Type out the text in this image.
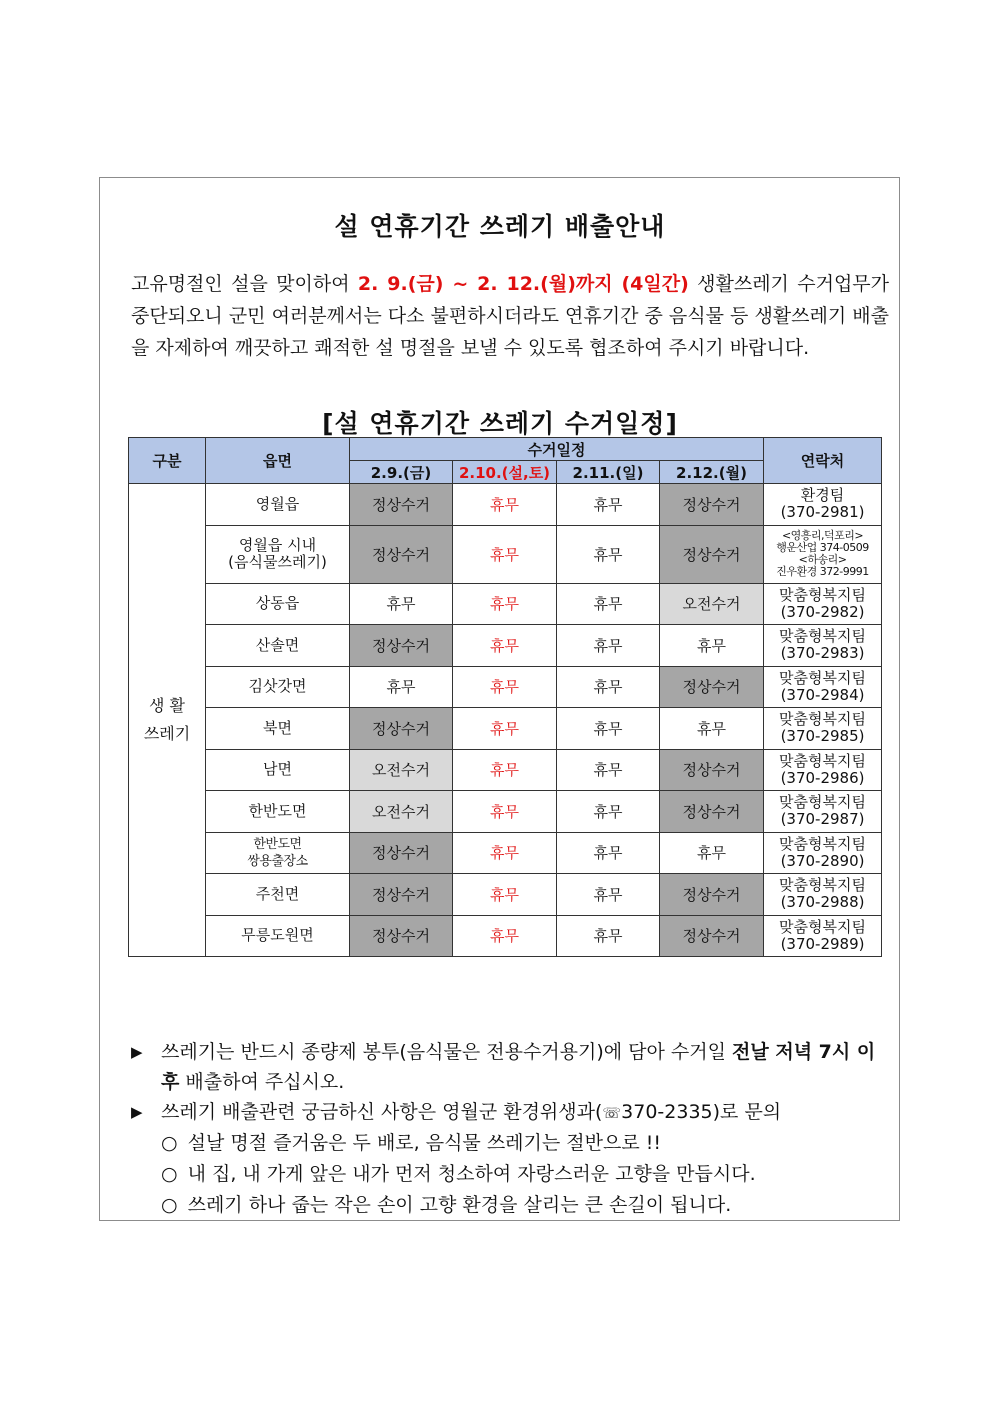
설 연휴기간 쓰레기 배출안내
고유명절인 설을 맞이하여 2. 9.(금) ~ 2. 12.(월)까지 (4일간) 생활쓰레기 수거업무가 중단되오니 군민 여러분께서는 다소 불편하시더라도 연휴기간 중 음식물 등 생활쓰레기 배출을 자제하여 깨끗하고 쾌적한 설 명절을 보낼 수 있도록 협조하여 주시기 바랍니다.
[설 연휴기간 쓰레기 수거일정]
구분	읍면	수거일정				연락처
		2.9.(금)	2.10.(설,토)	2.11.(일)	2.12.(월)	
생 활
쓰레기	영월읍	정상수거	휴무	휴무	정상수거	환경팀
(370-2981)
	영월읍 시내
(음식물쓰레기)	정상수거	휴무	휴무	정상수거	<영흥리,덕포리>
행운산업 374-0509
<하송리>
진우환경 372-9991
	상동읍	휴무	휴무	휴무	오전수거	맞춤형복지팀
(370-2982)
	산솔면	정상수거	휴무	휴무	휴무	맞춤형복지팀
(370-2983)
	김삿갓면	휴무	휴무	휴무	정상수거	맞춤형복지팀
(370-2984)
	북면	정상수거	휴무	휴무	휴무	맞춤형복지팀
(370-2985)
	남면	오전수거	휴무	휴무	정상수거	맞춤형복지팀
(370-2986)
	한반도면	오전수거	휴무	휴무	정상수거	맞춤형복지팀
(370-2987)
	한반도면
쌍용출장소	정상수거	휴무	휴무	휴무	맞춤형복지팀
(370-2890)
	주천면	정상수거	휴무	휴무	정상수거	맞춤형복지팀
(370-2988)
	무릉도원면	정상수거	휴무	휴무	정상수거	맞춤형복지팀
(370-2989)
▶ 쓰레기는 반드시 종량제 봉투(음식물은 전용수거용기)에 담아 수거일 전날 저녁 7시 이후 배출하여 주십시오.
▶ 쓰레기 배출관련 궁금하신 사항은 영월군 환경위생과(☏370-2335)로 문의
○ 설날 명절 즐거움은 두 배로, 음식물 쓰레기는 절반으로 !!
○ 내 집, 내 가게 앞은 내가 먼저 청소하여 자랑스러운 고향을 만듭시다.
○ 쓰레기 하나 줍는 작은 손이 고향 환경을 살리는 큰 손길이 됩니다.
